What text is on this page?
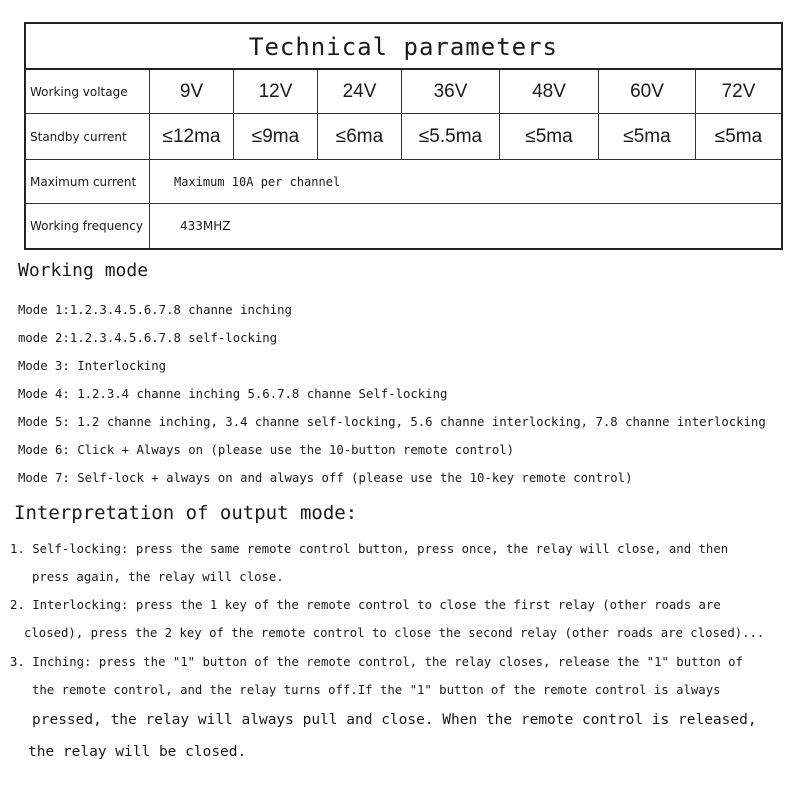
Technical parameters
Working voltage	9V	12V	24V	36V	48V	60V	72V
Standby current	≤12ma	≤9ma	≤6ma	≤5.5ma	≤5ma	≤5ma	≤5ma
Maximum current	Maximum 10A per channel
Working frequency	433MHZ
Working mode
Mode 1:1.2.3.4.5.6.7.8 channe inching
mode 2:1.2.3.4.5.6.7.8 self-locking
Mode 3: Interlocking
Mode 4: 1.2.3.4 channe inching 5.6.7.8 channe Self-locking
Mode 5: 1.2 channe inching, 3.4 channe self-locking, 5.6 channe interlocking, 7.8 channe interlocking
Mode 6: Click + Always on (please use the 10-button remote control)
Mode 7: Self-lock + always on and always off (please use the 10-key remote control)
Interpretation of output mode:
1. Self-locking: press the same remote control button, press once, the relay will close, and then
press again, the relay will close.
2. Interlocking: press the 1 key of the remote control to close the first relay (other roads are
closed), press the 2 key of the remote control to close the second relay (other roads are closed)...
3. Inching: press the "1" button of the remote control, the relay closes, release the "1" button of
the remote control, and the relay turns off.If the "1" button of the remote control is always
pressed, the relay will always pull and close. When the remote control is released,
the relay will be closed.
